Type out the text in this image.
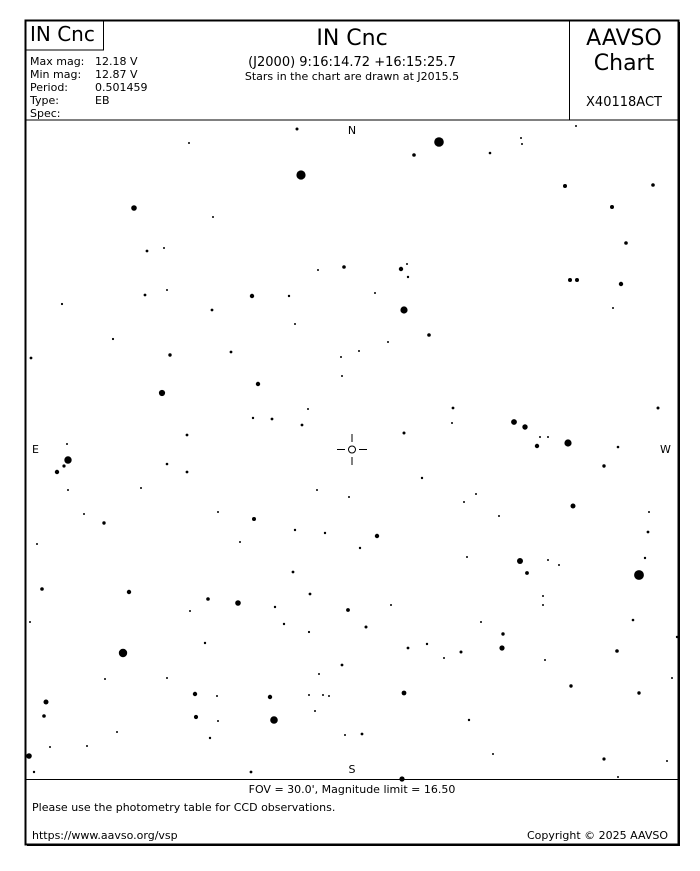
IN Cnc	IN Cnc
(J2000) 9:16:14.72 +16:15:25.7
Stars in the chart are drawn at J2015.5
AAVSO
Chart
X40118ACT
Max mag: 12.18 V
Min mag: 12.87 V
Period: 0.501459
Type:	EB
Spec:
N
S
E	W
FOV = 30.0', Magnitude limit = 16.50
Please use the photometry table for CCD observations.
https://www.aavso.org/vsp	Copyright © 2025 AAVSO
